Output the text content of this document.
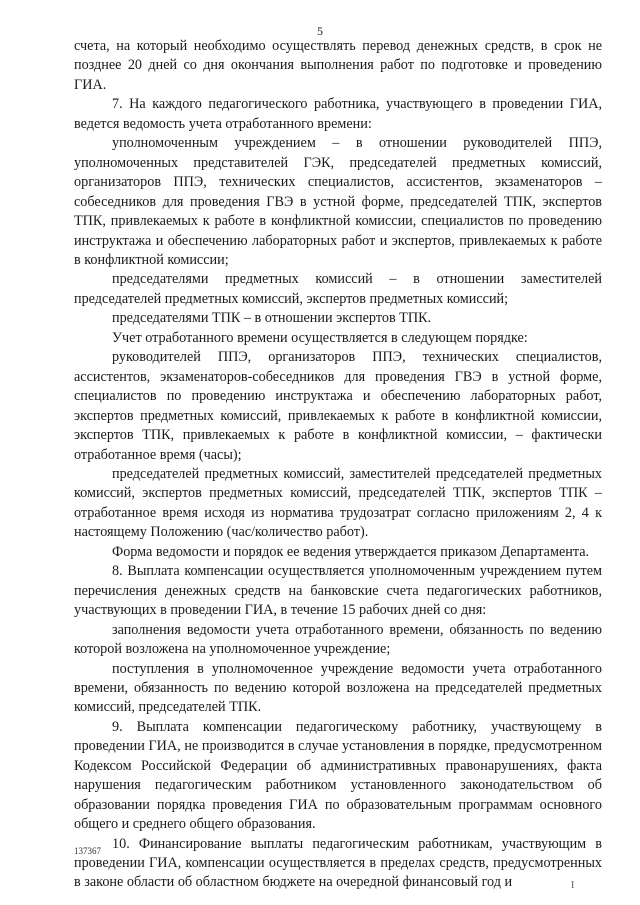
5

счета, на который необходимо осуществлять перевод денежных средств, в срок не позднее 20 дней со дня окончания выполнения работ по подготовке и проведению ГИА.

7. На каждого педагогического работника, участвующего в проведении ГИА, ведется ведомость учета отработанного времени:

уполномоченным учреждением – в отношении руководителей ППЭ, уполномоченных представителей ГЭК, председателей предметных комиссий, организаторов ППЭ, технических специалистов, ассистентов, экзаменаторов – собеседников для проведения ГВЭ в устной форме, председателей ТПК, экспертов ТПК, привлекаемых к работе в конфликтной комиссии, специалистов по проведению инструктажа и обеспечению лабораторных работ и экспертов, привлекаемых к работе в конфликтной комиссии;

председателями предметных комиссий – в отношении заместителей председателей предметных комиссий, экспертов предметных комиссий;

председателями ТПК – в отношении экспертов ТПК.

Учет отработанного времени осуществляется в следующем порядке:

руководителей ППЭ, организаторов ППЭ, технических специалистов, ассистентов, экзаменаторов-собеседников для проведения ГВЭ в устной форме, специалистов по проведению инструктажа и обеспечению лабораторных работ, экспертов предметных комиссий, привлекаемых к работе в конфликтной комиссии, экспертов ТПК, привлекаемых к работе в конфликтной комиссии, – фактически отработанное время (часы);

председателей предметных комиссий, заместителей председателей предметных комиссий, экспертов предметных комиссий, председателей ТПК, экспертов ТПК – отработанное время исходя из норматива трудозатрат согласно приложениям 2, 4 к настоящему Положению (час/количество работ).

Форма ведомости и порядок ее ведения утверждается приказом Департамента.

8. Выплата компенсации осуществляется уполномоченным учреждением путем перечисления денежных средств на банковские счета педагогических работников, участвующих в проведении ГИА, в течение 15 рабочих дней со дня:

заполнения ведомости учета отработанного времени, обязанность по ведению которой возложена на уполномоченное учреждение;

поступления в уполномоченное учреждение ведомости учета отработанного времени, обязанность по ведению которой возложена на председателей предметных комиссий, председателей ТПК.

9. Выплата компенсации педагогическому работнику, участвующему в проведении ГИА, не производится в случае установления в порядке, предусмотренном Кодексом Российской Федерации об административных правонарушениях, факта нарушения педагогическим работником установленного законодательством об образовании порядка проведения ГИА по образовательным программам основного общего и среднего общего образования.

10. Финансирование выплаты педагогическим работникам, участвующим в проведении ГИА, компенсации осуществляется в пределах средств, предусмотренных в законе области об областном бюджете на очередной финансовый год и

137367
I
